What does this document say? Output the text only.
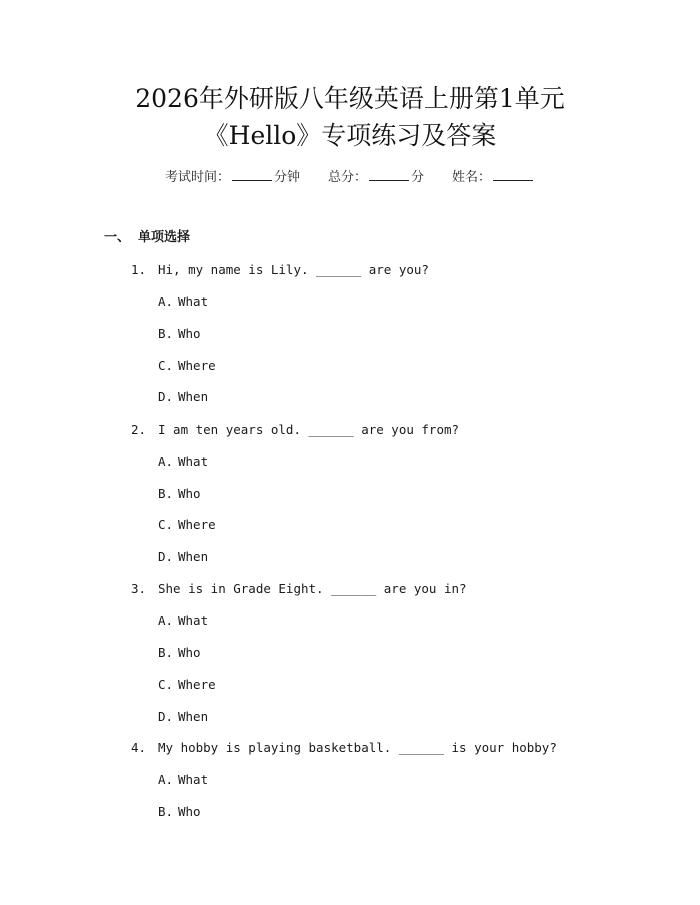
2026年外研版八年级英语上册第1单元
《Hello》专项练习及答案
考试时间：	分钟 总分：	分 姓名：
一、 单项选择
1. Hi, my name is Lily. ______ are you?
A. What
B. Who
C. Where
D. When
2. I am ten years old. ______ are you from?
A. What
B. Who
C. Where
D. When
3. She is in Grade Eight. ______ are you in?
A. What
B. Who
C. Where
D. When
4. My hobby is playing basketball. ______ is your hobby?
A. What
B. Who
